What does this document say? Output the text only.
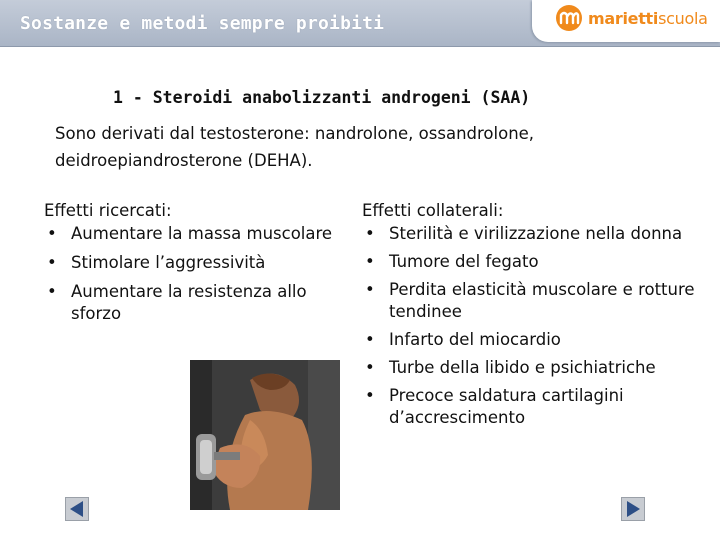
Sostanze e metodi sempre proibiti	mariettiscuola
1 - Steroidi anabolizzanti androgeni (SAA)
Sono derivati dal testosterone: nandrolone, ossandrolone,
deidroepiandrosterone (DEHA).
Effetti ricercati:
• Aumentare la massa muscolare
• Stimolare l’aggressività
• Aumentare la resistenza allo sforzo
Effetti collaterali:
• Sterilità e virilizzazione nella donna
• Tumore del fegato
• Perdita elasticità muscolare e rotture tendinee
• Infarto del miocardio
• Turbe della libido e psichiatriche
• Precoce saldatura cartilagini d’accrescimento
